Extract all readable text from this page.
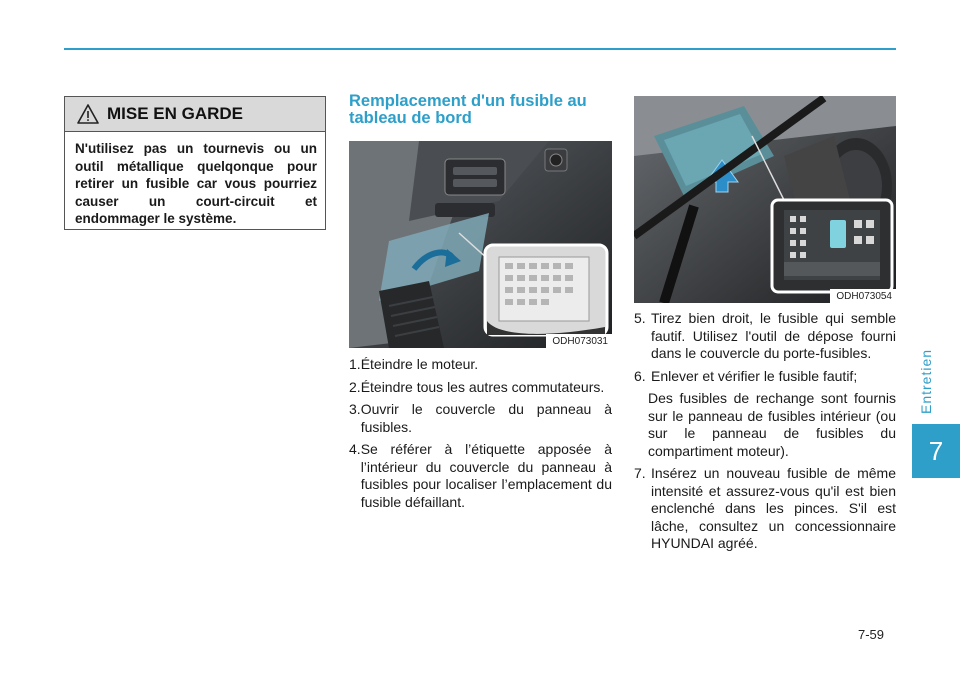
MISE EN GARDE
N'utilisez pas un tournevis ou un outil métallique quelqonque pour retirer un fusible car vous pourriez causer un court-circuit et endommager le système.
Remplacement d'un fusible au tableau de bord
ODH073031
1. Éteindre le moteur.
2. Éteindre tous les autres commutateurs.
3. Ouvrir le couvercle du panneau à fusibles.
4. Se référer à l’étiquette apposée à l’intérieur du couvercle du panneau à fusibles pour localiser l’emplacement du fusible défaillant.
ODH073054
5. Tirez bien droit, le fusible qui semble fautif. Utilisez l'outil de dépose fourni dans le couvercle du porte-fusibles.
6. Enlever et vérifier le fusible fautif;
Des fusibles de rechange sont fournis sur le panneau de fusibles intérieur (ou sur le panneau de fusibles du compartiment moteur).
7. Insérez un nouveau fusible de même intensité et assurez-vous qu'il est bien enclenché dans les pinces. S'il est lâche, consultez un concessionnaire HYUNDAI agréé.
Entretien
7
7-59
